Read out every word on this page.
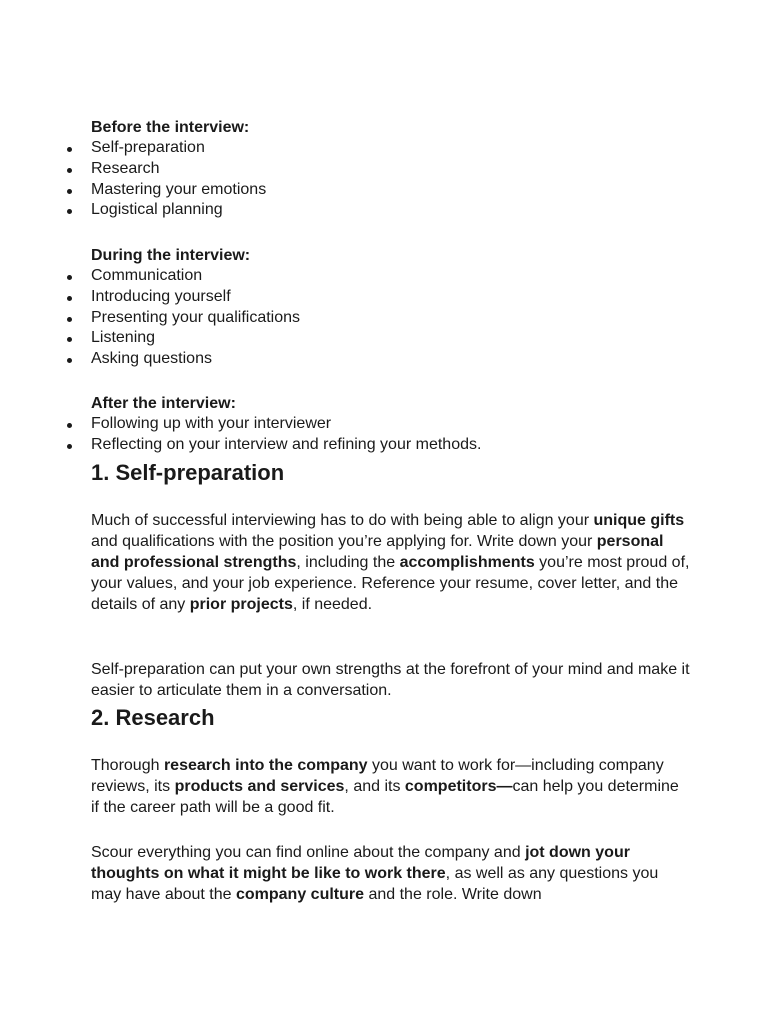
Before the interview:

Self-preparation
Research
Mastering your emotions
Logistical planning

During the interview:

Communication
Introducing yourself
Presenting your qualifications
Listening
Asking questions

After the interview:

Following up with your interviewer
Reflecting on your interview and refining your methods.
1. Self-preparation

Much of successful interviewing has to do with being able to align your unique gifts and qualifications with the position you’re applying for. Write down your personal and professional strengths, including the accomplishments you’re most proud of, your values, and your job experience. Reference your resume, cover letter, and the details of any prior projects, if needed.

Self-preparation can put your own strengths at the forefront of your mind and make it easier to articulate them in a conversation.

2. Research

Thorough research into the company you want to work for—including company reviews, its products and services, and its competitors—can help you determine if the career path will be a good fit.

Scour everything you can find online about the company and jot down your thoughts on what it might be like to work there, as well as any questions you may have about the company culture and the role. Write down
